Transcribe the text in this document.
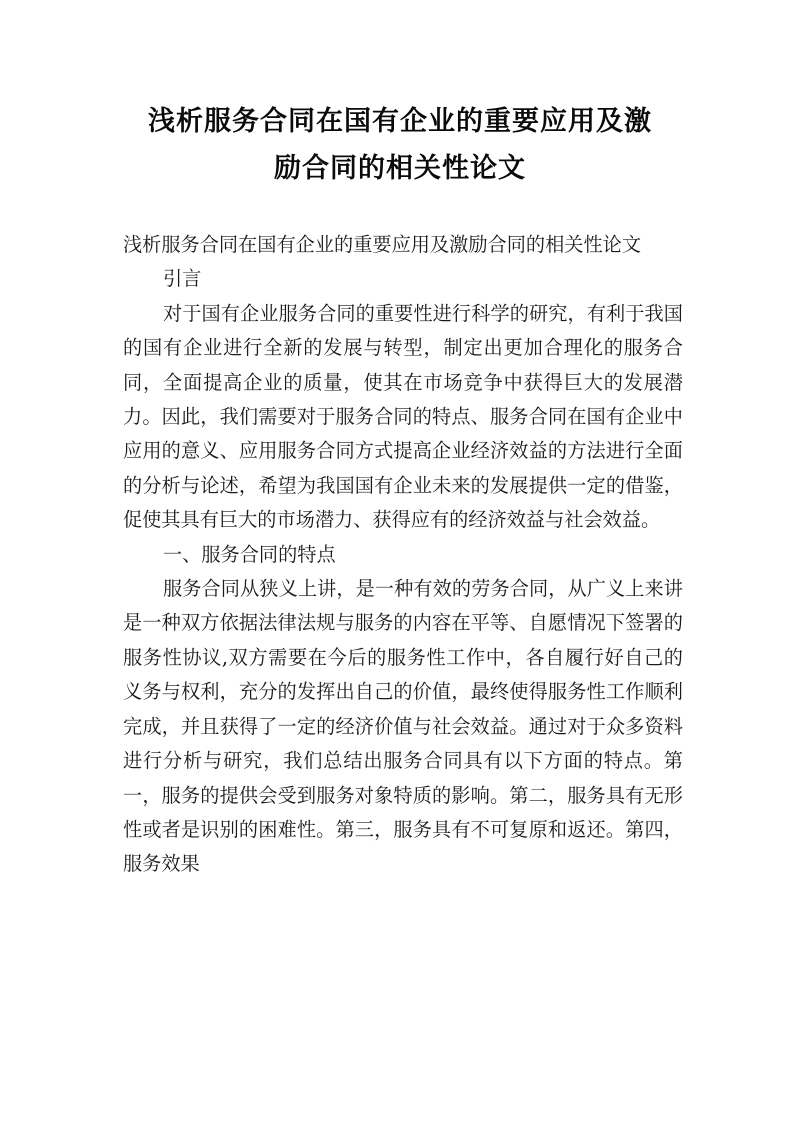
浅析服务合同在国有企业的重要应用及激
励合同的相关性论文

浅析服务合同在国有企业的重要应用及激励合同的相关性论文

引言

对于国有企业服务合同的重要性进行科学的研究，有利于我国的国有企业进行全新的发展与转型，制定出更加合理化的服务合同，全面提高企业的质量，使其在市场竞争中获得巨大的发展潜力。因此，我们需要对于服务合同的特点、服务合同在国有企业中应用的意义、应用服务合同方式提高企业经济效益的方法进行全面的分析与论述，希望为我国国有企业未来的发展提供一定的借鉴，促使其具有巨大的市场潜力、获得应有的经济效益与社会效益。

一、服务合同的特点

服务合同从狭义上讲，是一种有效的劳务合同，从广义上来讲是一种双方依据法律法规与服务的内容在平等、自愿情况下签署的服务性协议,双方需要在今后的服务性工作中，各自履行好自己的义务与权利，充分的发挥出自己的价值，最终使得服务性工作顺利完成，并且获得了一定的经济价值与社会效益。通过对于众多资料进行分析与研究，我们总结出服务合同具有以下方面的特点。第一，服务的提供会受到服务对象特质的影响。第二，服务具有无形性或者是识别的困难性。第三，服务具有不可复原和返还。第四，服务效果
